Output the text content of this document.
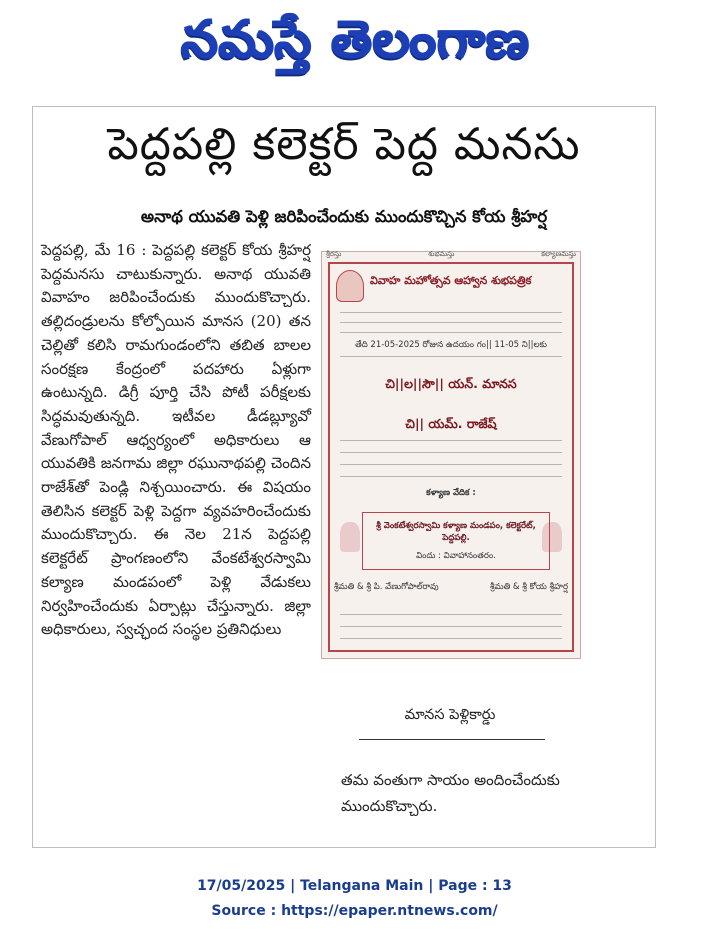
నమస్తే తెలంగాణ
పెద్దపల్లి కలెక్టర్ పెద్ద మనసు
అనాథ యువతి పెళ్లి జరిపించేందుకు ముందుకొచ్చిన కోయ శ్రీహర్ష

పెద్దపల్లి, మే 16 : పెద్దపల్లి కలెక్టర్ కోయ శ్రీహర్ష పెద్దమనసు చాటుకున్నారు. అనాథ యువతి వివాహం జరిపించేందుకు ముందుకొచ్చారు. తల్లిదండ్రులను కోల్పోయిన మానస (20) తన చెల్లితో కలిసి రామగుండంలోని తబిత బాలల సంరక్షణ కేంద్రంలో పదహారు ఏళ్లుగా ఉంటున్నది. డిగ్రీ పూర్తి చేసి పోటీ పరీక్షలకు సిద్ధమవుతున్నది. ఇటీవల డీడబ్ల్యూవో వేణుగోపాల్ ఆధ్వర్యంలో అధికారులు ఆ యువతికి జనగామ జిల్లా రఘునాథపల్లి చెందిన రాజేశ్‌తో పెండ్లి నిశ్చయించారు. ఈ విషయం తెలిసిన కలెక్టర్ పెళ్లి పెద్దగా వ్యవహరించేందుకు ముందుకొచ్చారు. ఈ నెల 21న పెద్దపల్లి కలెక్టరేట్ ప్రాంగణంలోని వేంకటేశ్వరస్వామి కల్యాణ మండపంలో పెళ్లి వేడుకలు నిర్వహించేందుకు ఏర్పాట్లు చేస్తున్నారు. జిల్లా అధికారులు, స్వచ్ఛంద సంస్థల ప్రతినిధులు

శ్రీరస్తు	శుభమస్తు	కల్యాణమస్తు
వివాహ మహోత్సవ ఆహ్వాన శుభపత్రిక
తేది 21-05-2025 రోజున ఉదయం గం|| 11-05 ని||లకు
చి||ల||సౌ|| యన్. మానస
చి|| యమ్. రాజేష్
కళ్యాణ వేదిక :
శ్రీ వెంకటేశ్వరస్వామి కళ్యాణ మండపం, కలెక్టరేట్, పెద్దపల్లి.
విందు : వివాహానంతరం.
శ్రీమతి & శ్రీ పి. వేణుగోపాల్‌రావు	శ్రీమతి & శ్రీ కోయ శ్రీహర్ష
మానస పెళ్లికార్డు

తమ వంతుగా సాయం అందించేందుకు ముందుకొచ్చారు.

17/05/2025 | Telangana Main | Page : 13
Source : https://epaper.ntnews.com/
